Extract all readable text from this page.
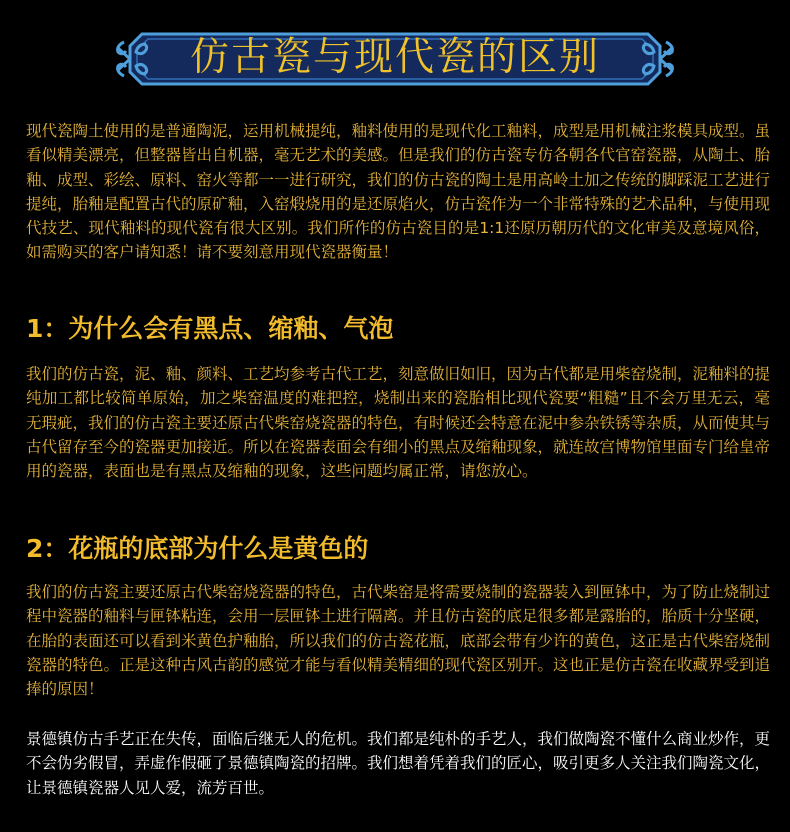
仿古瓷与现代瓷的区别

现代瓷陶土使用的是普通陶泥，运用机械提纯，釉料使用的是现代化工釉料，成型是用机械注浆模具成型。虽看似精美漂亮，但整器皆出自机器，毫无艺术的美感。但是我们的仿古瓷专仿各朝各代官窑瓷器，从陶土、胎釉、成型、彩绘、原料、窑火等都一一进行研究，我们的仿古瓷的陶土是用高岭土加之传统的脚踩泥工艺进行提纯，胎釉是配置古代的原矿釉，入窑煅烧用的是还原焰火，仿古瓷作为一个非常特殊的艺术品种，与使用现代技艺、现代釉料的现代瓷有很大区别。我们所作的仿古瓷目的是1:1还原历朝历代的文化审美及意境风俗，如需购买的客户请知悉！请不要刻意用现代瓷器衡量！

1：为什么会有黑点、缩釉、气泡

我们的仿古瓷，泥、釉、颜料、工艺均参考古代工艺，刻意做旧如旧，因为古代都是用柴窑烧制，泥釉料的提纯加工都比较简单原始，加之柴窑温度的难把控，烧制出来的瓷胎相比现代瓷要“粗糙”且不会万里无云，毫无瑕疵，我们的仿古瓷主要还原古代柴窑烧瓷器的特色，有时候还会特意在泥中参杂铁锈等杂质，从而使其与古代留存至今的瓷器更加接近。所以在瓷器表面会有细小的黑点及缩釉现象，就连故宫博物馆里面专门给皇帝用的瓷器，表面也是有黑点及缩釉的现象，这些问题均属正常，请您放心。

2：花瓶的底部为什么是黄色的

我们的仿古瓷主要还原古代柴窑烧瓷器的特色，古代柴窑是将需要烧制的瓷器装入到匣钵中，为了防止烧制过程中瓷器的釉料与匣钵粘连，会用一层匣钵土进行隔离。并且仿古瓷的底足很多都是露胎的，胎质十分坚硬，在胎的表面还可以看到米黄色护釉胎，所以我们的仿古瓷花瓶，底部会带有少许的黄色，这正是古代柴窑烧制瓷器的特色。正是这种古风古韵的感觉才能与看似精美精细的现代瓷区别开。这也正是仿古瓷在收藏界受到追捧的原因！

景德镇仿古手艺正在失传，面临后继无人的危机。我们都是纯朴的手艺人，我们做陶瓷不懂什么商业炒作，更不会伪劣假冒，弄虚作假砸了景德镇陶瓷的招牌。我们想着凭着我们的匠心，吸引更多人关注我们陶瓷文化，让景德镇瓷器人见人爱，流芳百世。
